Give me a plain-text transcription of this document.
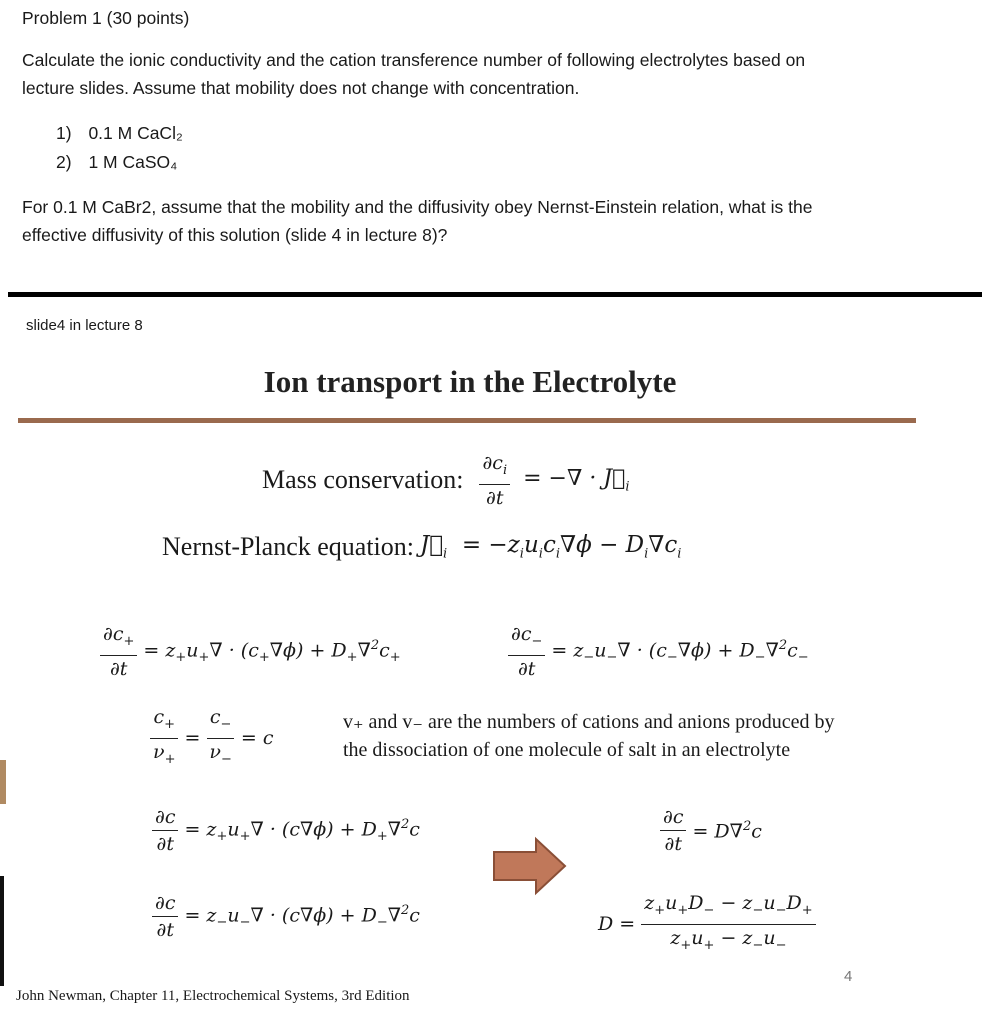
Problem 1 (30 points)
Calculate the ionic conductivity and the cation transference number of following electrolytes based on
lecture slides. Assume that mobility does not change with concentration.
1) 0.1 M CaCl₂
2) 1 M CaSO₄
For 0.1 M CaBr2, assume that the mobility and the diffusivity obey Nernst-Einstein relation, what is the
effective diffusivity of this solution (slide 4 in lecture 8)?
slide4 in lecture 8
Ion transport in the Electrolyte
Mass conservation: $\frac{\partial c_i}{\partial t}$ = −∇ · $J⃗_i$
Nernst-Planck equation: $J⃗_i = -z_iu_ic_i\nabla\phi - D_i\nabla c_i$
$\frac{\partial c_+}{\partial t} = z_+u_+\nabla \cdot (c_+\nabla\phi) + D_+\nabla^2c_+$	$\frac{\partial c_-}{\partial t} = z_-u_-\nabla \cdot (c_-\nabla\phi) + D_-\nabla^2c_-$
$\frac{c_+}{\nu_+} = \frac{c_-}{\nu_-} = c$
v₊ and v₋ are the numbers of cations and anions produced by
the dissociation of one molecule of salt in an electrolyte
$\frac{\partial c}{\partial t} = z_+u_+\nabla \cdot (c\nabla\phi) + D_+\nabla^2c$
$\frac{\partial c}{\partial t} = z_-u_-\nabla \cdot (c\nabla\phi) + D_-\nabla^2c$
$\frac{\partial c}{\partial t} = D\nabla^2c$
$D = \frac{z_+u_+D_- - z_-u_-D_+}{z_+u_+ - z_-u_-}$
4
John Newman, Chapter 11, Electrochemical Systems, 3rd Edition
